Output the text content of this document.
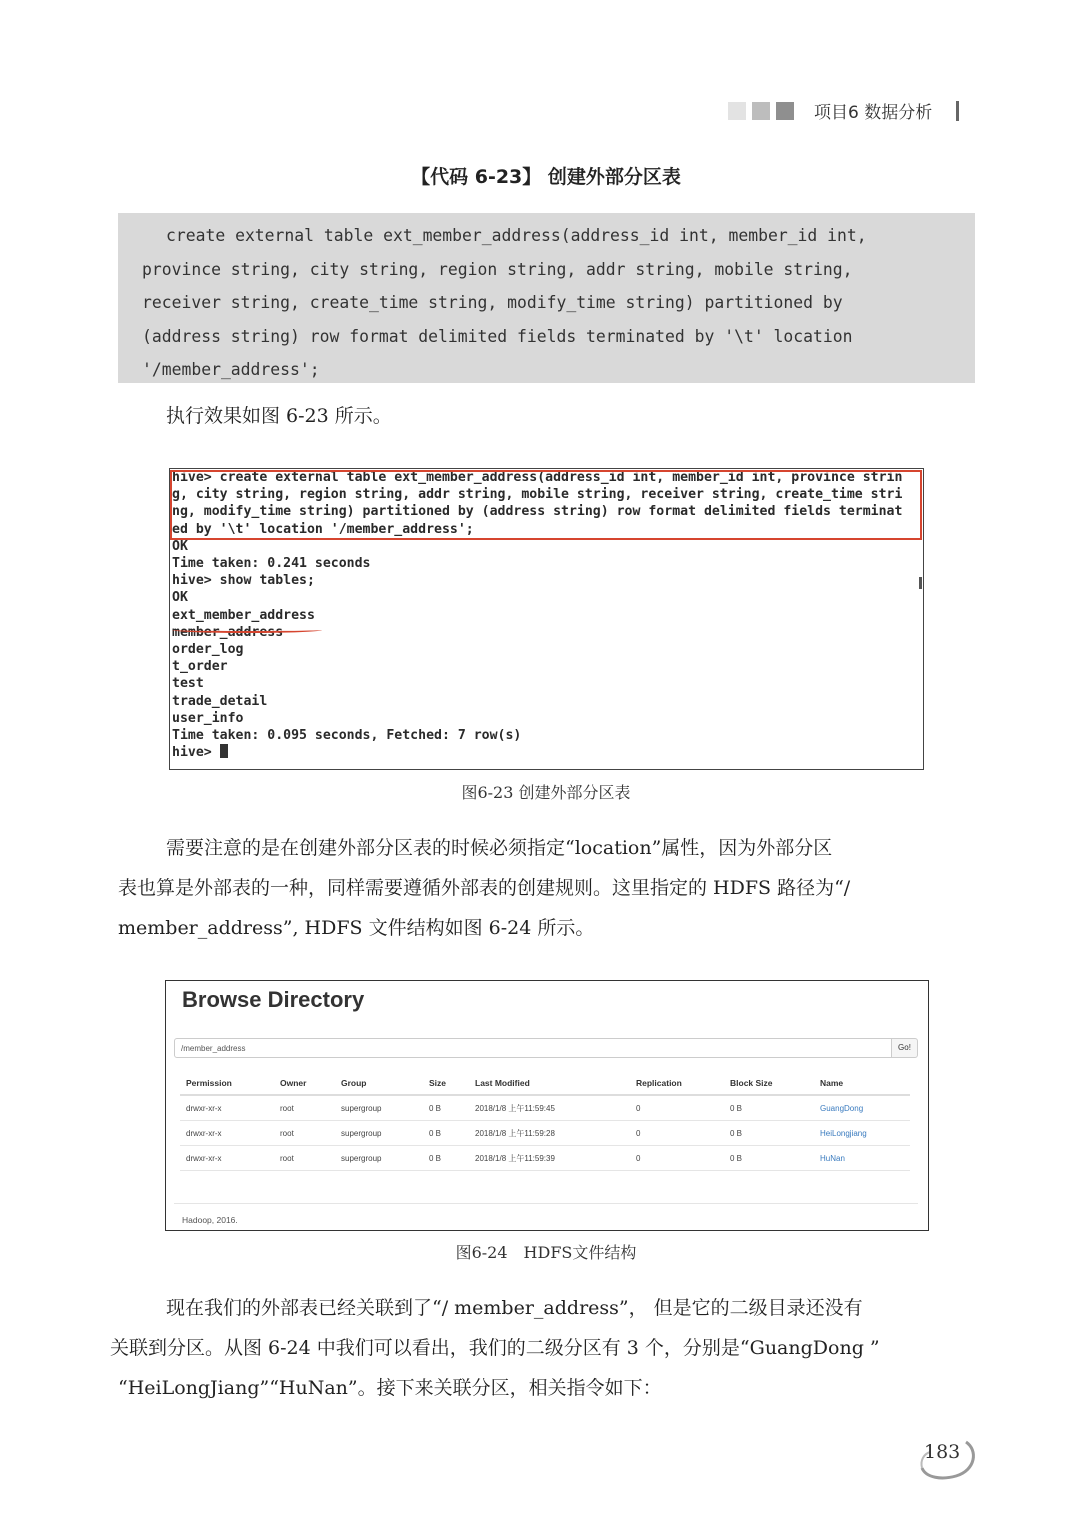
项目6 数据分析
【代码 6-23】 创建外部分区表
create external table ext_member_address(address_id int, member_id int,
province string, city string, region string, addr string, mobile string,
receiver string, create_time string, modify_time string) partitioned by
(address string) row format delimited fields terminated by '\t' location
'/member_address';
执行效果如图 6-23 所示。
hive> create external table ext_member_address(address_id int, member_id int, province strin
g, city string, region string, addr string, mobile string, receiver string, create_time stri
ng, modify_time string) partitioned by (address string) row format delimited fields terminat
ed by '\t' location '/member_address';
OK
Time taken: 0.241 seconds
hive> show tables;
OK
ext_member_address
member_address
order_log
t_order
test
trade_detail
user_info
Time taken: 0.095 seconds, Fetched: 7 row(s)
hive>
图6-23 创建外部分区表
需要注意的是在创建外部分区表的时候必须指定“location”属性，因为外部分区
表也算是外部表的一种，同样需要遵循外部表的创建规则。这里指定的 HDFS 路径为“/
member_address”, HDFS 文件结构如图 6-24 所示。
Browse Directory
/member_address	Go!
Permission	Owner	Group	Size	Last Modified	Replication	Block Size	Name
drwxr-xr-x	root	supergroup	0 B	2018/1/8 上午11:59:45	0	0 B	GuangDong
drwxr-xr-x	root	supergroup	0 B	2018/1/8 上午11:59:28	0	0 B	HeiLongjiang
drwxr-xr-x	root	supergroup	0 B	2018/1/8 上午11:59:39	0	0 B	HuNan
Hadoop, 2016.
图6-24　HDFS文件结构
现在我们的外部表已经关联到了“/ member_address”， 但是它的二级目录还没有
关联到分区。从图 6-24 中我们可以看出，我们的二级分区有 3 个，分别是“GuangDong ”
“HeiLongJiang”“HuNan”。接下来关联分区，相关指令如下：
183
